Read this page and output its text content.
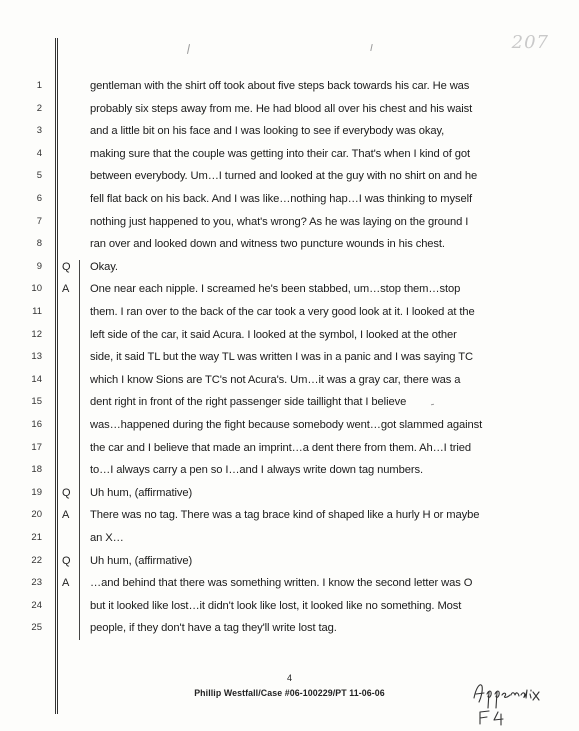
207
1	gentleman with the shirt off took about five steps back towards his car. He was
2	probably six steps away from me. He had blood all over his chest and his waist
3	and a little bit on his face and I was looking to see if everybody was okay,
4	making sure that the couple was getting into their car. That's when I kind of got
5	between everybody. Um…I turned and looked at the guy with no shirt on and he
6	fell flat back on his back. And I was like…nothing hap…I was thinking to myself
7	nothing just happened to you, what's wrong? As he was laying on the ground I
8	ran over and looked down and witness two puncture wounds in his chest.
9 Q	Okay.
10 A	One near each nipple. I screamed he's been stabbed, um…stop them…stop
11	them. I ran over to the back of the car took a very good look at it. I looked at the
12	left side of the car, it said Acura. I looked at the symbol, I looked at the other
13	side, it said TL but the way TL was written I was in a panic and I was saying TC
14	which I know Sions are TC's not Acura's. Um…it was a gray car, there was a
15	dent right in front of the right passenger side taillight that I believe
16	was…happened during the fight because somebody went…got slammed against
17	the car and I believe that made an imprint…a dent there from them. Ah…I tried
18	to…I always carry a pen so I…and I always write down tag numbers.
19 Q	Uh hum, (affirmative)
20 A	There was no tag. There was a tag brace kind of shaped like a hurly H or maybe
21	an X…
22 Q	Uh hum, (affirmative)
23 A	…and behind that there was something written. I know the second letter was O
24	but it looked like lost…it didn't look like lost, it looked like no something. Most
25	people, if they don't have a tag they'll write lost tag.
4
Phillip Westfall/Case #06-100229/PT 11-06-06
